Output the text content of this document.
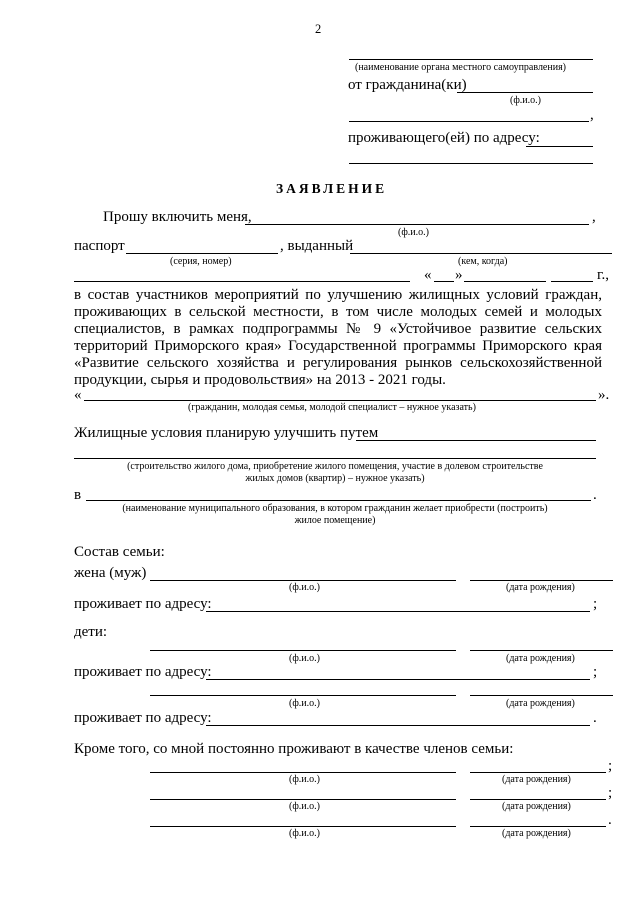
2
(наименование органа местного самоуправления)
от гражданина(ки)
(ф.и.о.)
,
проживающего(ей) по адресу:
ЗАЯВЛЕНИЕ
Прошу включить меня,	,
(ф.и.о.)
паспорт	, выданный
(серия, номер)	(кем, когда)
« »	г.,
в состав участников мероприятий по улучшению жилищных условий граждан,
проживающих в сельской местности, в том числе молодых семей и молодых
специалистов, в рамках подпрограммы № 9 «Устойчивое развитие сельских
территорий Приморского края» Государственной программы Приморского края
«Развитие сельского хозяйства и регулирования рынков сельскохозяйственной
продукции, сырья и продовольствия» на 2013 - 2021 годы.
«	».
(гражданин, молодая семья, молодой специалист – нужное указать)
Жилищные условия планирую улучшить путем
(строительство жилого дома, приобретение жилого помещения, участие в долевом строительстве
жилых домов (квартир) – нужное указать)
в	.
(наименование муниципального образования, в котором гражданин желает приобрести (построить)
жилое помещение)
Состав семьи:
жена (муж)
(ф.и.о.)	(дата рождения)
проживает по адресу:	;
дети:
(ф.и.о.)	(дата рождения)
проживает по адресу:	;
(ф.и.о.)	(дата рождения)
проживает по адресу:	.
Кроме того, со мной постоянно проживают в качестве членов семьи:
;
(ф.и.о.)	(дата рождения)
;
(ф.и.о.)	(дата рождения)
.
(ф.и.о.)	(дата рождения)
